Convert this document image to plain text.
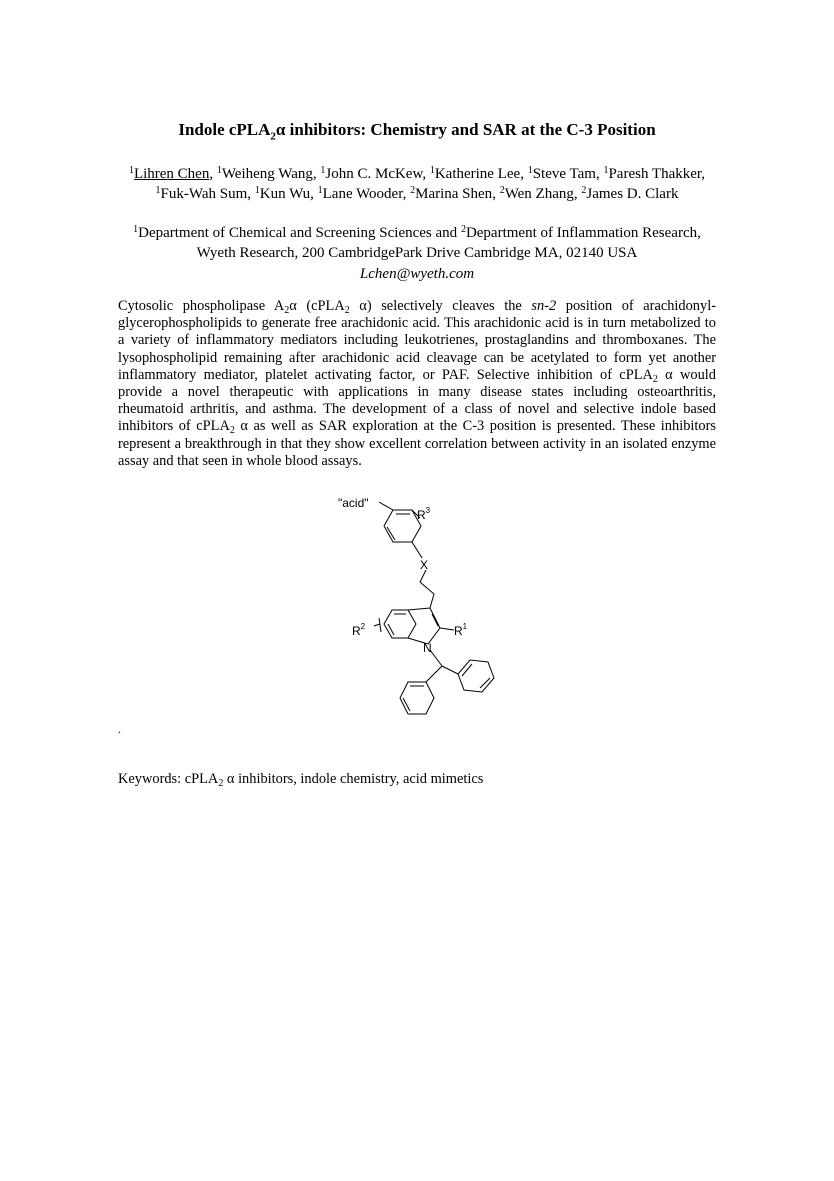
Indole cPLA$_2$α inhibitors: Chemistry and SAR at the C-3 Position
$^1$Lihren Chen, $^1$Weiheng Wang, $^1$John C. McKew, $^1$Katherine Lee, $^1$Steve Tam, $^1$Paresh Thakker, $^1$Fuk-Wah Sum, $^1$Kun Wu, $^1$Lane Wooder, $^2$Marina Shen, $^2$Wen Zhang, $^2$James D. Clark
$^1$Department of Chemical and Screening Sciences and $^2$Department of Inflammation Research, Wyeth Research, 200 CambridgePark Drive Cambridge MA, 02140 USA
Lchen@wyeth.com
Cytosolic phospholipase $A_2\alpha$ (cPLA$_2$ α) selectively cleaves the sn-2 position of arachidonyl-glycerophospholipids to generate free arachidonic acid. This arachidonic acid is in turn metabolized to a variety of inflammatory mediators including leukotrienes, prostaglandins and thromboxanes. The lysophospholipid remaining after arachidonic acid cleavage can be acetylated to form yet another inflammatory mediator, platelet activating factor, or PAF. Selective inhibition of cPLA$_2$ α would provide a novel therapeutic with applications in many disease states including osteoarthritis, rheumatoid arthritis, and asthma. The development of a class of novel and selective indole based inhibitors of cPLA$_2$ α as well as SAR exploration at the C-3 position is presented. These inhibitors represent a breakthrough in that they show excellent correlation between activity in an isolated enzyme assay and that seen in whole blood assays.
"acid"
$R^3$
X
$R^2$	$R^1$
N
.
Keywords: cPLA$_2$ α inhibitors, indole chemistry, acid mimetics
